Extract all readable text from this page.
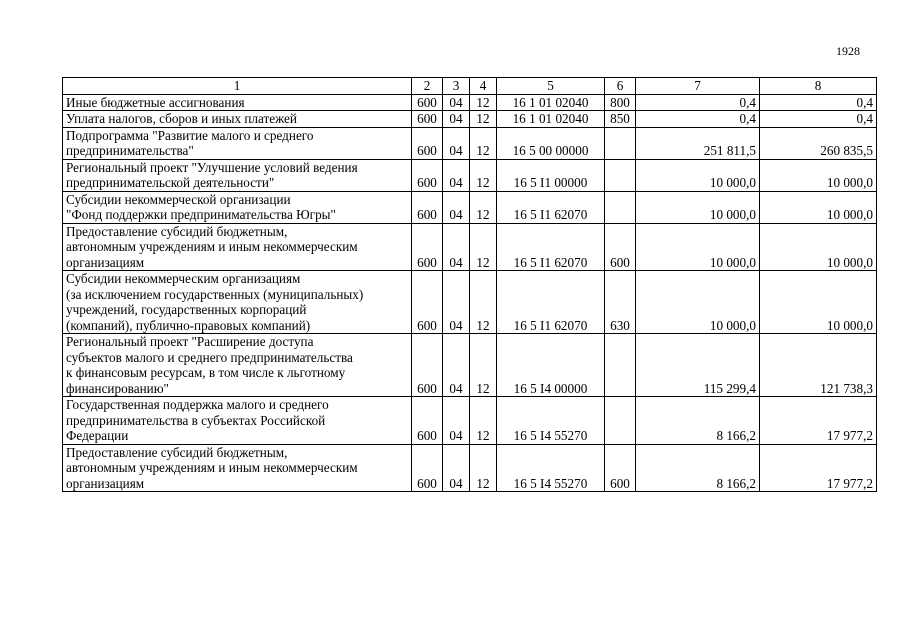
1928
1	2	3	4	5	6	7	8
Иные бюджетные ассигнования	600	04	12	16 1 01 02040	800	0,4	0,4
Уплата налогов, сборов и иных платежей	600	04	12	16 1 01 02040	850	0,4	0,4
Подпрограмма "Развитие малого и среднего
предпринимательства"	600	04	12	16 5 00 00000		251 811,5	260 835,5
Региональный проект "Улучшение условий ведения
предпринимательской деятельности"	600	04	12	16 5 I1 00000		10 000,0	10 000,0
Субсидии некоммерческой организации
"Фонд поддержки предпринимательства Югры"	600	04	12	16 5 I1 62070		10 000,0	10 000,0
Предоставление субсидий бюджетным,
автономным учреждениям и иным некоммерческим
организациям	600	04	12	16 5 I1 62070	600	10 000,0	10 000,0
Субсидии некоммерческим организациям
(за исключением государственных (муниципальных)
учреждений, государственных корпораций
(компаний), публично-правовых компаний)	600	04	12	16 5 I1 62070	630	10 000,0	10 000,0
Региональный проект "Расширение доступа
субъектов малого и среднего предпринимательства
к финансовым ресурсам, в том числе к льготному
финансированию"	600	04	12	16 5 I4 00000		115 299,4	121 738,3
Государственная поддержка малого и среднего
предпринимательства в субъектах Российской
Федерации	600	04	12	16 5 I4 55270		8 166,2	17 977,2
Предоставление субсидий бюджетным,
автономным учреждениям и иным некоммерческим
организациям	600	04	12	16 5 I4 55270	600	8 166,2	17 977,2
